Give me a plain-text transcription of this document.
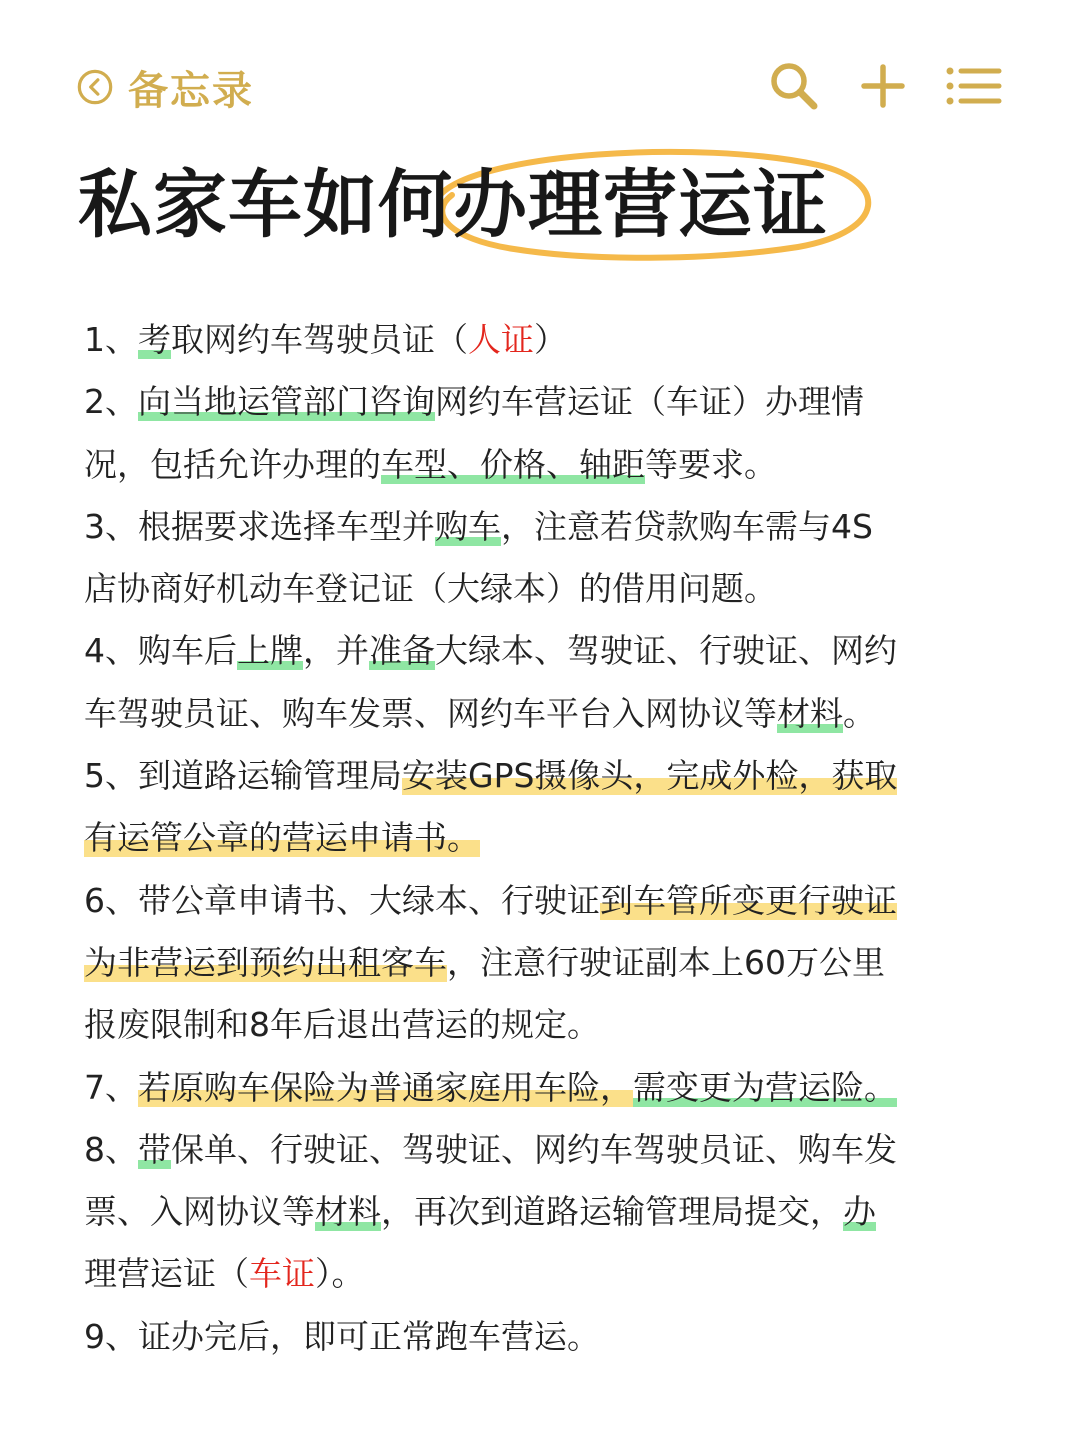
备忘录
私家车如何办理营运证
1、考取网约车驾驶员证（人证）
2、向当地运管部门咨询网约车营运证（车证）办理情
况，包括允许办理的车型、价格、轴距等要求。
3、根据要求选择车型并购车，注意若贷款购车需与4S
店协商好机动车登记证（大绿本）的借用问题。
4、购车后上牌，并准备大绿本、驾驶证、行驶证、网约
车驾驶员证、购车发票、网约车平台入网协议等材料。
5、到道路运输管理局安装GPS摄像头，完成外检，获取
有运管公章的营运申请书。
6、带公章申请书、大绿本、行驶证到车管所变更行驶证
为非营运到预约出租客车，注意行驶证副本上60万公里
报废限制和8年后退出营运的规定。
7、若原购车保险为普通家庭用车险，需变更为营运险。
8、带保单、行驶证、驾驶证、网约车驾驶员证、购车发
票、入网协议等材料，再次到道路运输管理局提交，办
理营运证（车证）。
9、证办完后，即可正常跑车营运。
